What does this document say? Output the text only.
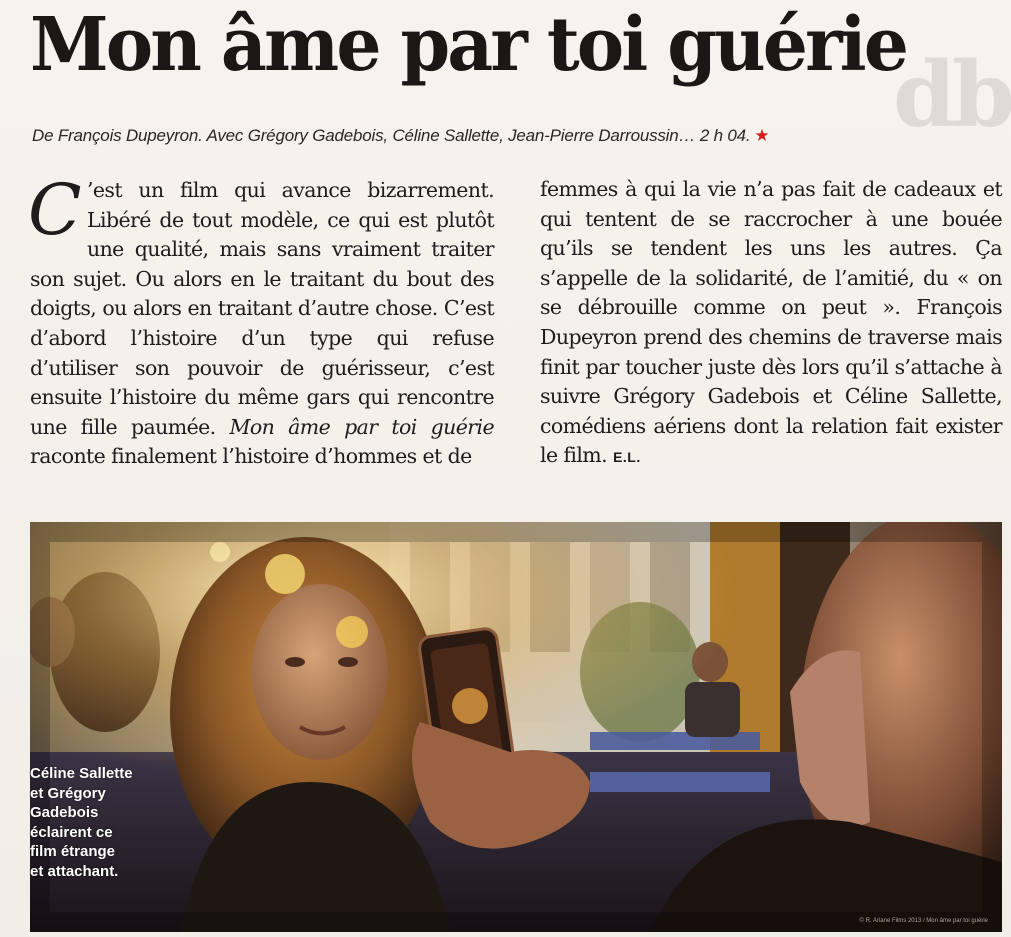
db
Mon âme par toi guérie
De François Dupeyron. Avec Grégory Gadebois, Céline Sallette, Jean-Pierre Darroussin… 2 h 04. ★
C ’est un film qui avance bizarrement. Libéré de tout modèle, ce qui est plutôt une qualité, mais sans vraiment traiter son sujet. Ou alors en le traitant du bout des doigts, ou alors en traitant d’autre chose. C’est d’abord l’histoire d’un type qui refuse d’utiliser son pouvoir de guérisseur, c’est ensuite l’histoire du même gars qui rencontre une fille paumée. Mon âme par toi guérie raconte finalement l’histoire d’hommes et de
femmes à qui la vie n’a pas fait de cadeaux et qui tentent de se raccrocher à une bouée qu’ils se tendent les uns les autres. Ça s’appelle de la solidarité, de l’amitié, du « on se débrouille comme on peut ». François Dupeyron prend des chemins de traverse mais finit par toucher juste dès lors qu’il s’attache à suivre Grégory Gadebois et Céline Sallette, comédiens aériens dont la relation fait exister le film. E.L.
© R. Ariane Films 2013 / Mon âme par toi guérie

Céline Sallette
et Grégory
Gadebois
éclairent ce
film étrange
et attachant.
